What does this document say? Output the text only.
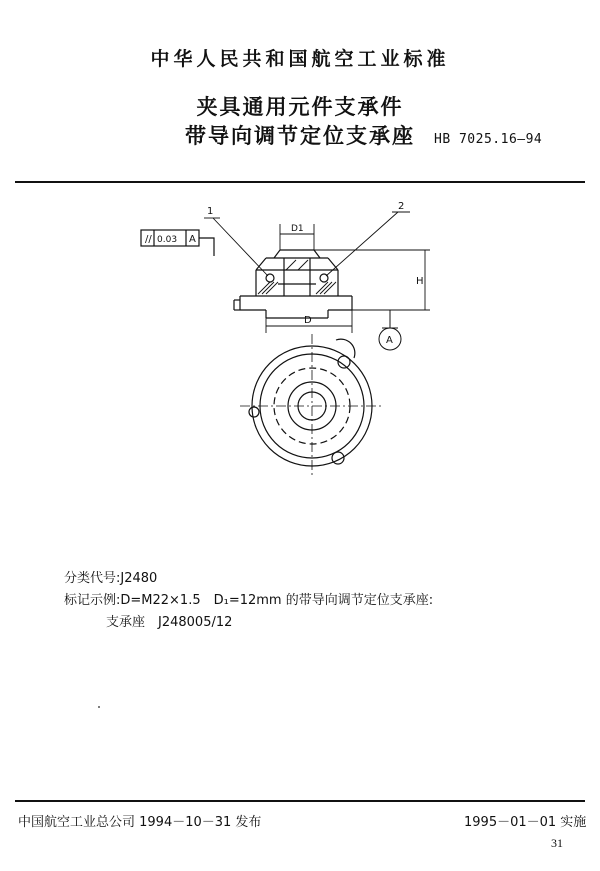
中华人民共和国航空工业标准
夹具通用元件支承件
带导向调节定位支承座	HB 7025.16—94
// 0.03 A
1	2
D1
D
H
A
分类代号:J2480
标记示例:D=M22×1.5　D₁=12mm 的带导向调节定位支承座:
支承座　J248005/12
中国航空工业总公司 1994－10－31 发布	1995－01－01 实施
31
